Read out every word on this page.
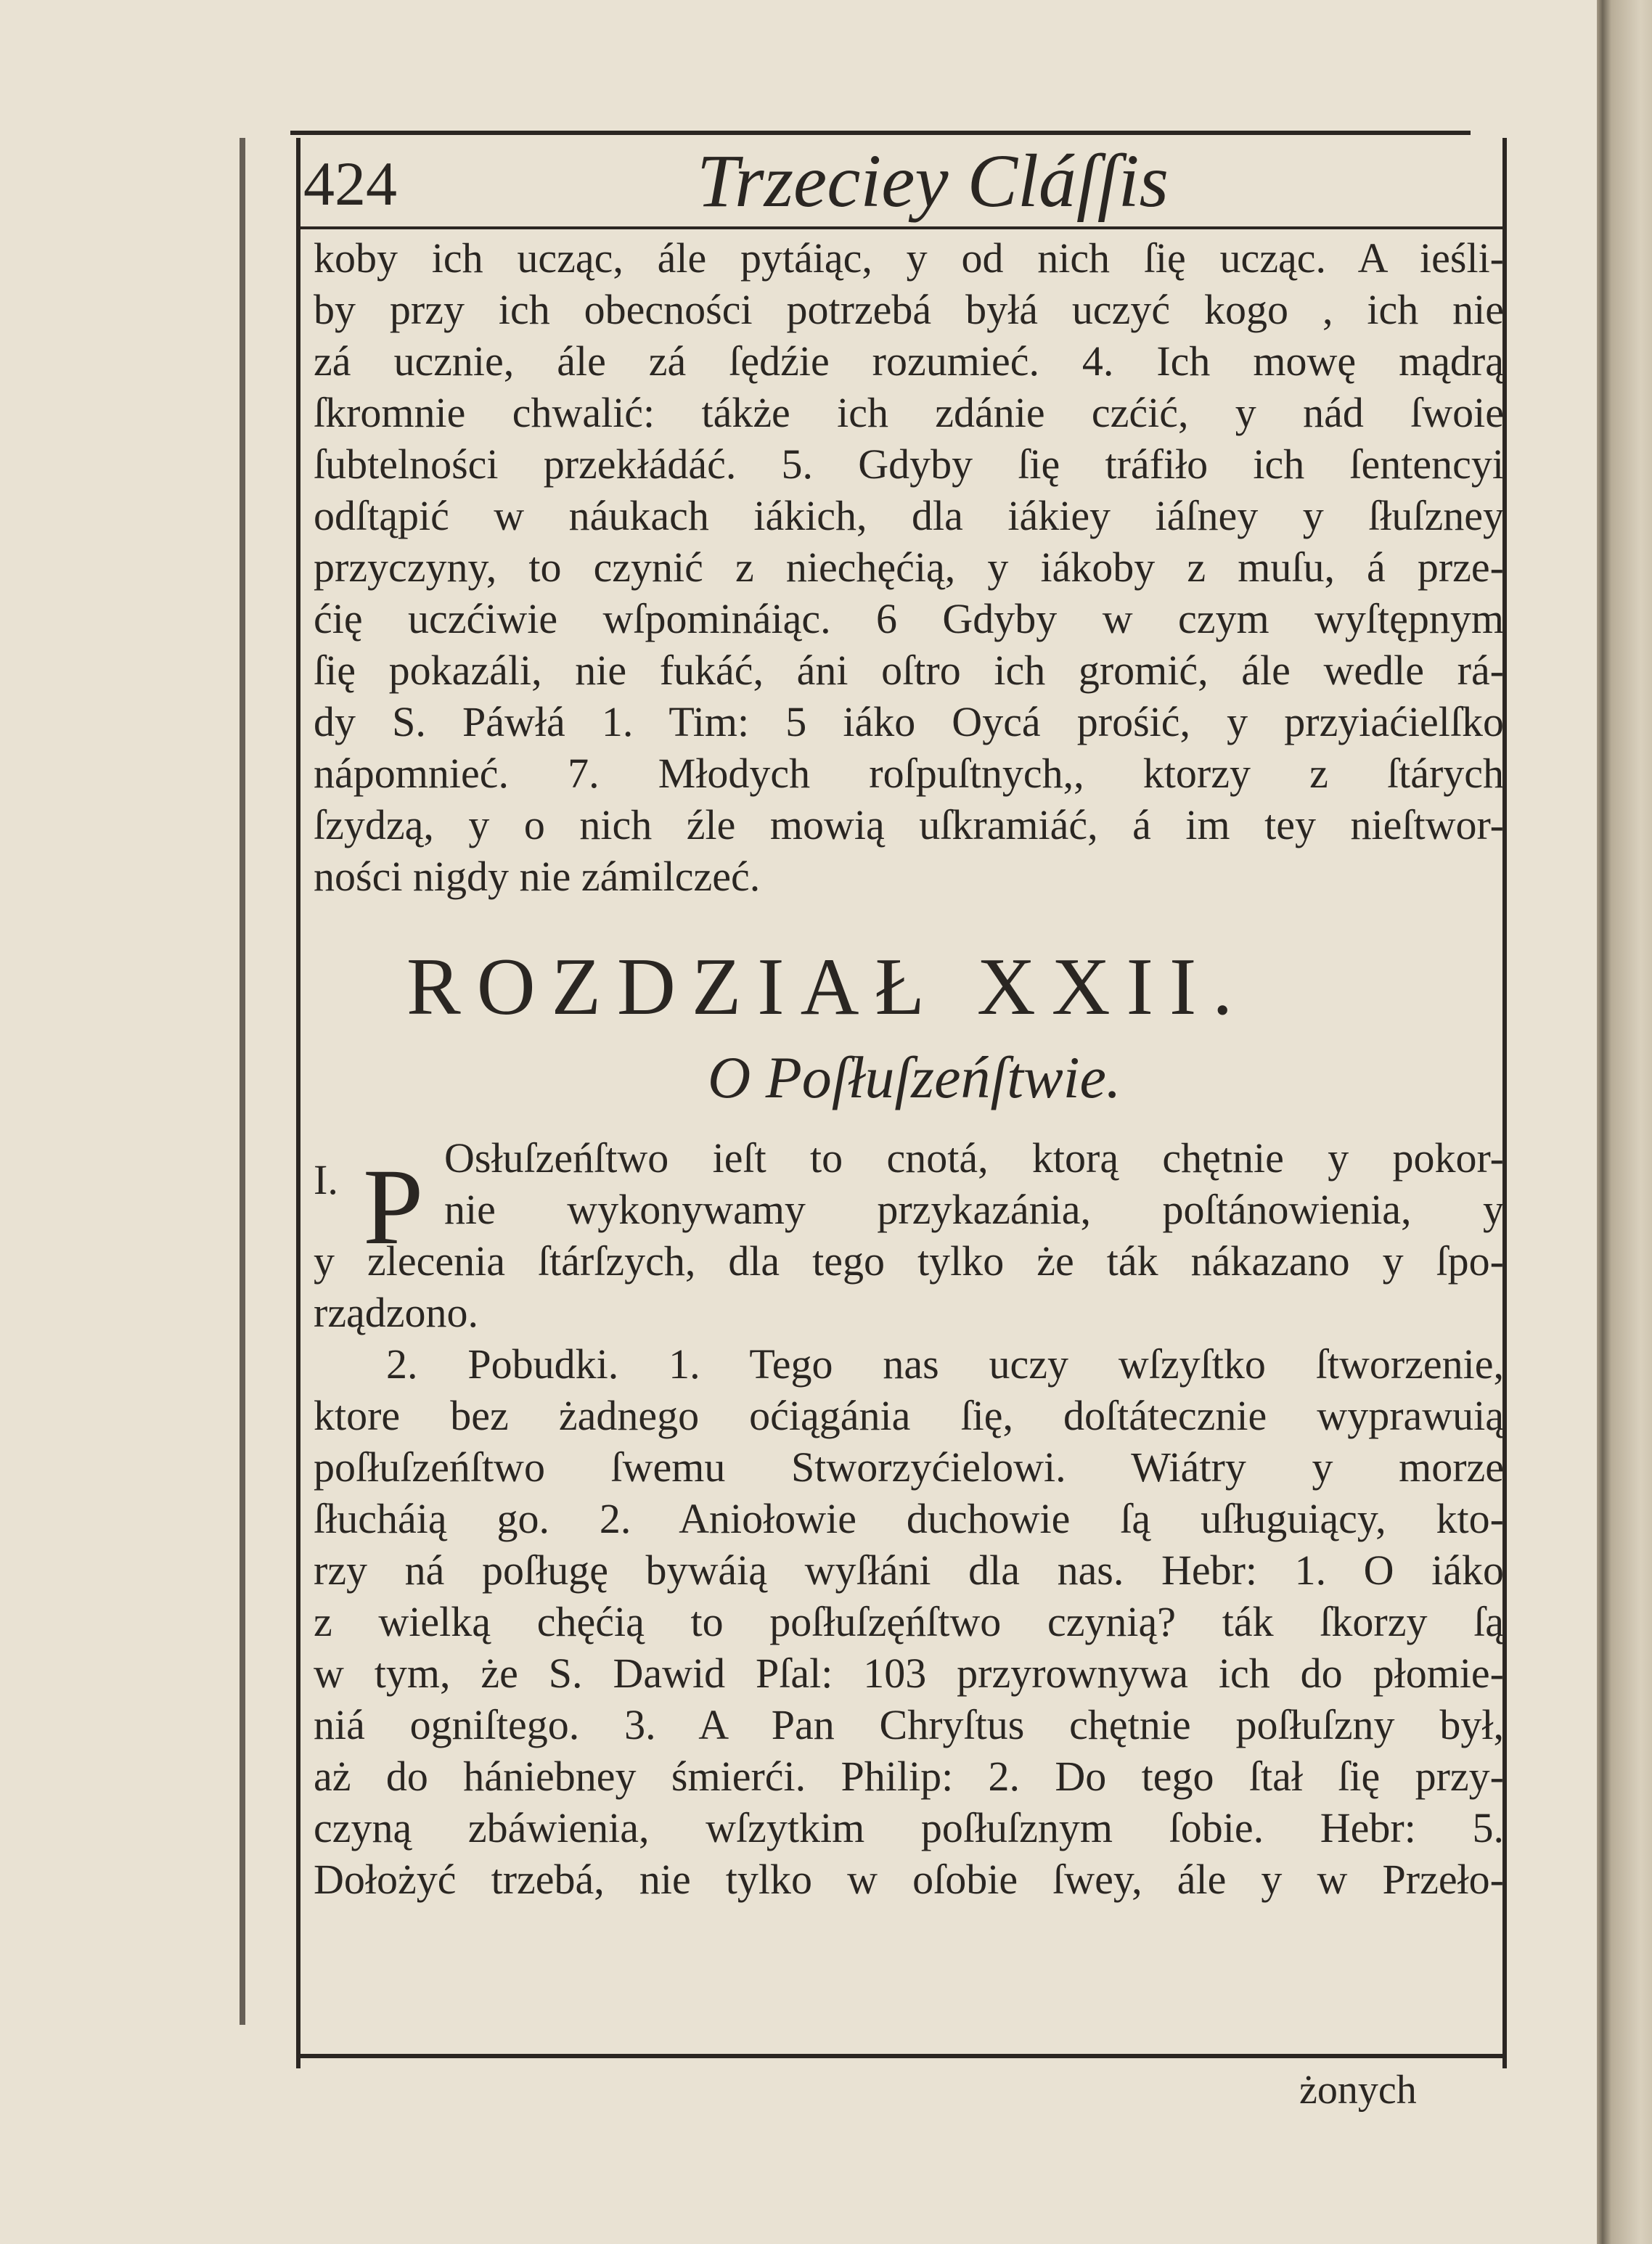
424	Trzeciey Cláſſis
koby ich ucząc, ále pytáiąc, y od nich ſię ucząc. A ieśli-
by przy ich obecności potrzebá byłá uczyć kogo , ich nie
zá ucznie, ále zá ſędźie rozumieć. 4. Ich mowę mądrą
ſkromnie chwalić: tákże ich zdánie czćić, y nád ſwoie
ſubtelności przekłádáć. 5. Gdyby ſię tráfiło ich ſentencyi
odſtąpić w náukach iákich, dla iákiey iáſney y ſłuſzney
przyczyny, to czynić z niechęćią, y iákoby z muſu, á prze-
ćię uczćiwie wſpomináiąc. 6 Gdyby w czym wyſtępnym
ſię pokazáli, nie fukáć, áni oſtro ich gromić, ále wedle rá-
dy S. Páwłá 1. Tim: 5 iáko Oycá prośić, y przyiaćielſko
nápomnieć. 7. Młodych roſpuſtnych,, ktorzy z ſtárych
ſzydzą, y o nich źle mowią uſkramiáć, á im tey nieſtwor-
ności nigdy nie zámilczeć.
ROZDZIAŁ XXII.
O Poſłuſzeńſtwie.
I. P Osłuſzeńſtwo ieſt to cnotá, ktorą chętnie y pokor-
nie wykonywamy przykazánia, poſtánowienia, y
y zlecenia ſtárſzych, dla tego tylko że ták nákazano y ſpo-
rządzono.
2. Pobudki. 1. Tego nas uczy wſzyſtko ſtworzenie,
ktore bez żadnego oćiągánia ſię, doſtátecznie wyprawuią
poſłuſzeńſtwo ſwemu Stworzyćielowi. Wiátry y morze
ſłucháią go. 2. Aniołowie duchowie ſą uſługuiący, kto-
rzy ná poſługę bywáią wyſłáni dla nas. Hebr: 1. O iáko
z wielką chęćią to poſłuſzęńſtwo czynią? ták ſkorzy ſą
w tym, że S. Dawid Pſal: 103 przyrownywa ich do płomie-
niá ogniſtego. 3. A Pan Chryſtus chętnie poſłuſzny był,
aż do hániebney śmierći. Philip: 2. Do tego ſtał ſię przy-
czyną zbáwienia, wſzytkim poſłuſznym ſobie. Hebr: 5.
Dołożyć trzebá, nie tylko w oſobie ſwey, ále y w Przeło-
żonych
